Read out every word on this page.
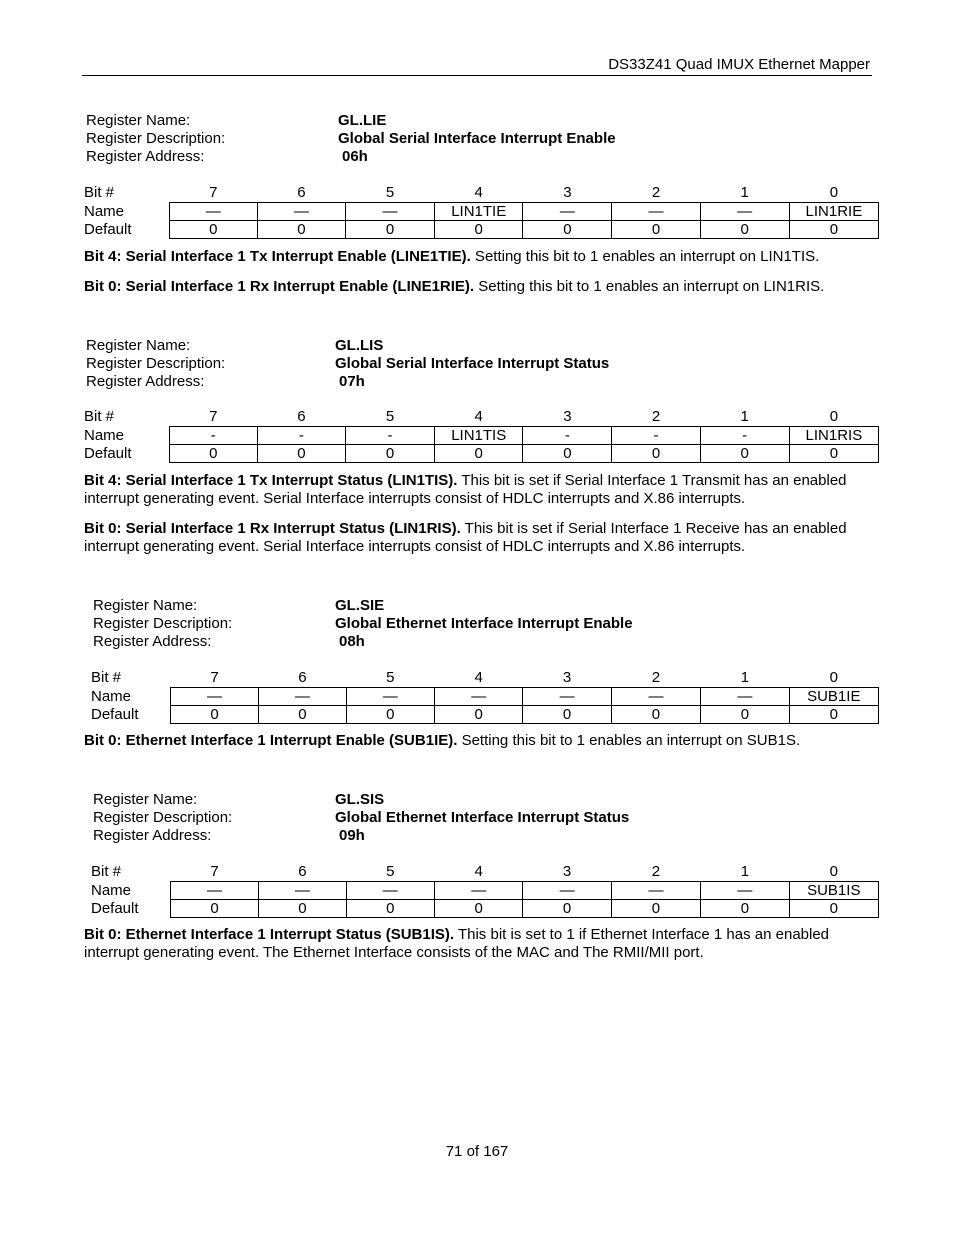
DS33Z41 Quad IMUX Ethernet Mapper
Register Name:	GL.LIE
Register Description:	Global Serial Interface Interrupt Enable
Register Address:	06h
Bit #	7	6	5	4	3	2	1	0
Name	—	—	—	LIN1TIE	—	—	—	LIN1RIE
Default	0	0	0	0	0	0	0	0
Bit 4: Serial Interface 1 Tx Interrupt Enable (LINE1TIE). Setting this bit to 1 enables an interrupt on LIN1TIS.
Bit 0: Serial Interface 1 Rx Interrupt Enable (LINE1RIE). Setting this bit to 1 enables an interrupt on LIN1RIS.
Register Name:	GL.LIS
Register Description:	Global Serial Interface Interrupt Status
Register Address:	07h
Bit #	7	6	5	4	3	2	1	0
Name	-	-	-	LIN1TIS	-	-	-	LIN1RIS
Default	0	0	0	0	0	0	0	0
Bit 4: Serial Interface 1 Tx Interrupt Status (LIN1TIS). This bit is set if Serial Interface 1 Transmit has an enabled interrupt generating event. Serial Interface interrupts consist of HDLC interrupts and X.86 interrupts.
Bit 0: Serial Interface 1 Rx Interrupt Status (LIN1RIS). This bit is set if Serial Interface 1 Receive has an enabled interrupt generating event. Serial Interface interrupts consist of HDLC interrupts and X.86 interrupts.
Register Name:	GL.SIE
Register Description:	Global Ethernet Interface Interrupt Enable
Register Address:	08h
Bit #	7	6	5	4	3	2	1	0
Name	—	—	—	—	—	—	—	SUB1IE
Default	0	0	0	0	0	0	0	0
Bit 0: Ethernet Interface 1 Interrupt Enable (SUB1IE). Setting this bit to 1 enables an interrupt on SUB1S.
Register Name:	GL.SIS
Register Description:	Global Ethernet Interface Interrupt Status
Register Address:	09h
Bit #	7	6	5	4	3	2	1	0
Name	—	—	—	—	—	—	—	SUB1IS
Default	0	0	0	0	0	0	0	0
Bit 0: Ethernet Interface 1 Interrupt Status (SUB1IS). This bit is set to 1 if Ethernet Interface 1 has an enabled interrupt generating event. The Ethernet Interface consists of the MAC and The RMII/MII port.
71 of 167
